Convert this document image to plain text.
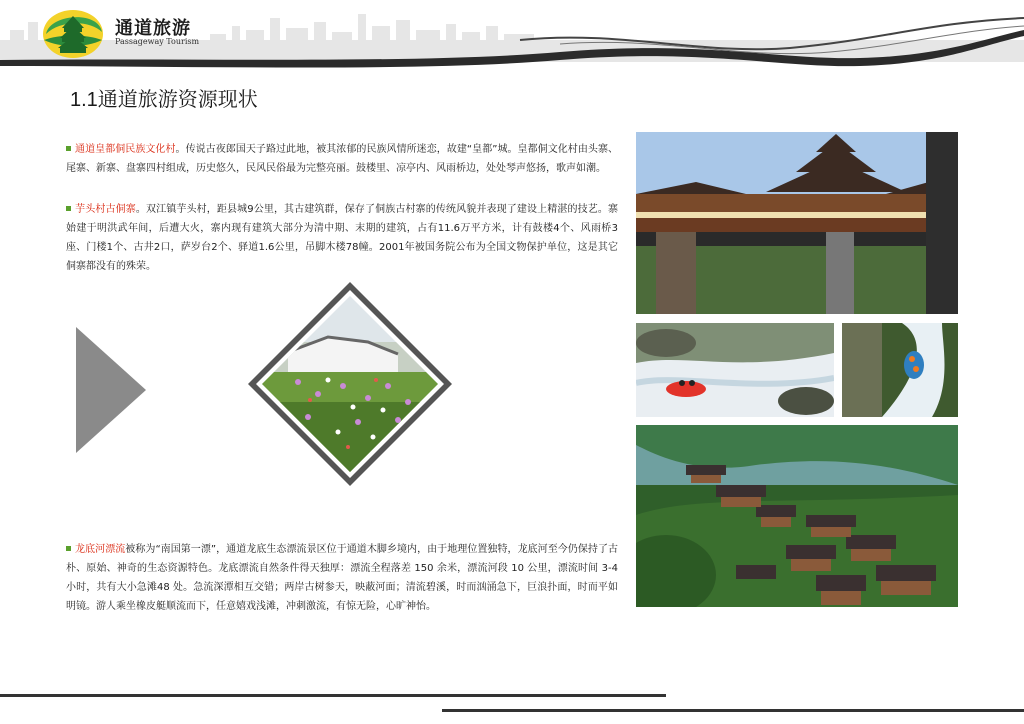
通道旅游
Passageway Tourism
1.1通道旅游资源现状
通道皇都侗民族文化村。传说古夜郎国天子路过此地，被其浓郁的民族风情所迷恋，故建“皇都”城。皇都侗文化村由头寨、尾寨、新寨、盘寨四村组成，历史悠久，民风民俗最为完整亮丽。鼓楼里、凉亭内、风雨桥边，处处琴声悠扬，歌声如潮。
芋头村古侗寨。双江镇芋头村，距县城9公里，其古建筑群，保存了侗族古村寨的传统风貌并表现了建设上精湛的技艺。寨始建于明洪武年间，后遭大火，寨内现有建筑大部分为清中期、末期的建筑，占有11.6万平方米，计有鼓楼4个、风雨桥3座、门楼1个、古井2口，萨岁台2个、驿道1.6公里，吊脚木楼78幢。2001年被国务院公布为全国文物保护单位，这是其它侗寨都没有的殊荣。
龙底河漂流被称为“南国第一漂”，通道龙底生态漂流景区位于通道木脚乡境内，由于地理位置独特，龙底河至今仍保持了古朴、原始、神奇的生态资源特色。龙底漂流自然条件得天独厚：漂流全程落差 150 余米，漂流河段 10 公里，漂流时间 3-4 小时，共有大小急滩48 处。急流深潭相互交错；两岸古树参天，映蔽河面；清流碧溪，时而汹涌急下，巨浪扑面，时而平如明镜。游人乘坐橡皮艇顺流而下，任意嬉戏浅滩，冲刺激流，有惊无险，心旷神怡。
